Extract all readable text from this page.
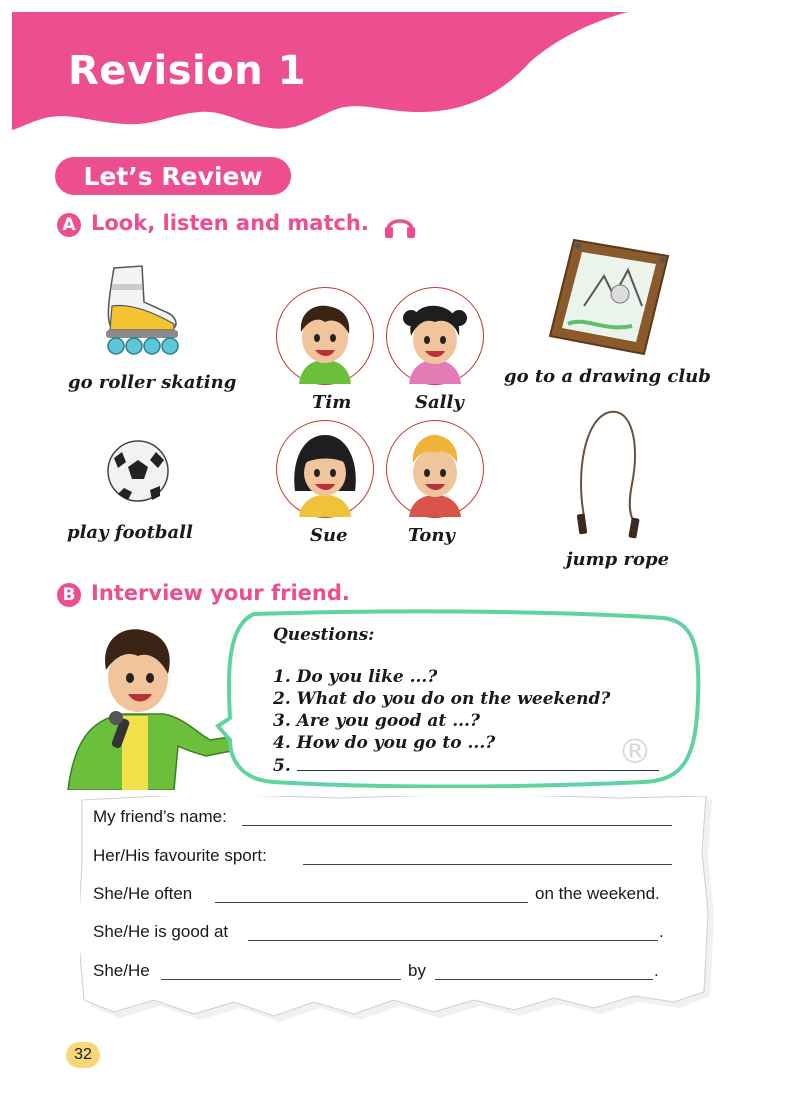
Revision 1
Let’s Review
A Look, listen and match.
go roller skating
play football
Tim	Sally
Sue	Tony
go to a drawing club
jump rope
B Interview your friend.
Questions:
1. Do you like ...?
2. What do you do on the weekend?
3. Are you good at ...?
4. How do you go to ...?
5.	®
My friend’s name:
Her/His favourite sport:
She/He often	on the weekend.
She/He is good at	.
She/He	by	.
32
